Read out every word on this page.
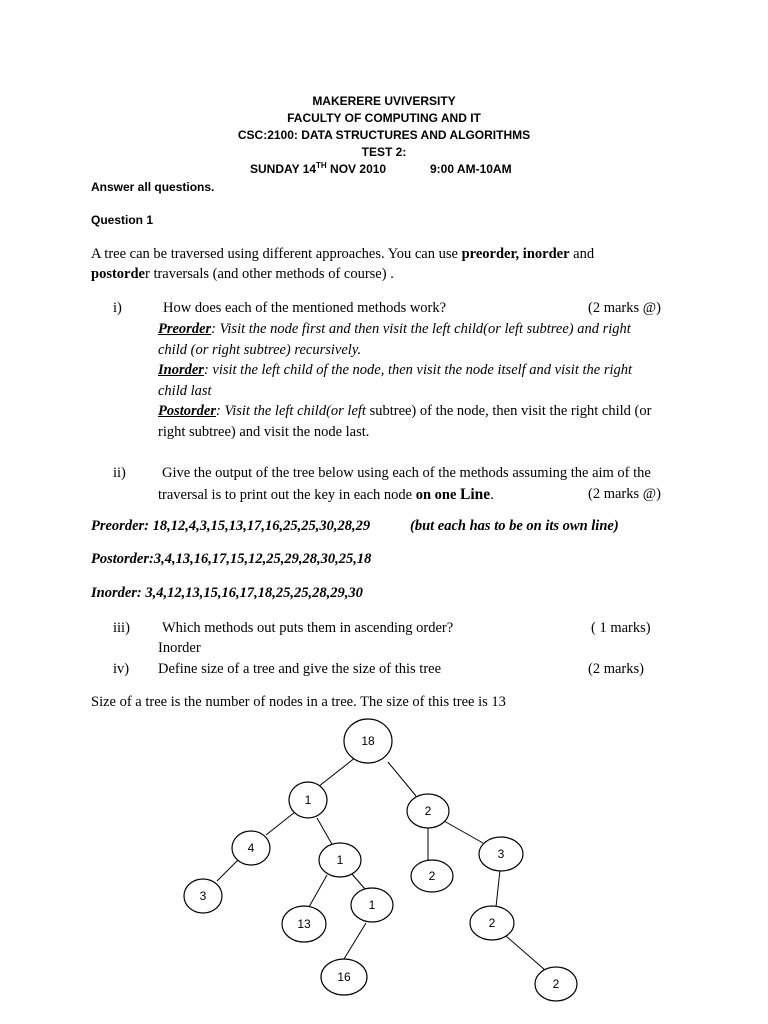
MAKERERE UVIVERSITY
FACULTY OF COMPUTING AND IT
CSC:2100: DATA STRUCTURES AND ALGORITHMS
TEST 2:
SUNDAY 14TH NOV 2010	9:00 AM-10AM
Answer all questions.
Question 1
A tree can be traversed using different approaches. You can use preorder, inorder and
postorder traversals (and other methods of course) .
i)	How does each of the mentioned methods work?	(2 marks @)
Preorder: Visit the node first and then visit the left child(or left subtree) and right
child (or right subtree) recursively.
Inorder: visit the left child of the node, then visit the node itself and visit the right
child last
Postorder: Visit the left child(or left subtree) of the node, then visit the right child (or
right subtree) and visit the node last.
ii) Give the output of the tree below using each of the methods assuming the aim of the
traversal is to print out the key in each node on one Line.	(2 marks @)
Preorder: 18,12,4,3,15,13,17,16,25,25,30,28,29	(but each has to be on its own line)
Postorder:3,4,13,16,17,15,12,25,29,28,30,25,18
Inorder: 3,4,12,13,15,16,17,18,25,25,28,29,30
iii) Which methods out puts them in ascending order?	( 1 marks)
Inorder
iv) Define size of a tree and give the size of this tree	(2 marks)
Size of a tree is the number of nodes in a tree. The size of this tree is 13
18
1
2
4
1
2
3
3
13
1
2
16	2
